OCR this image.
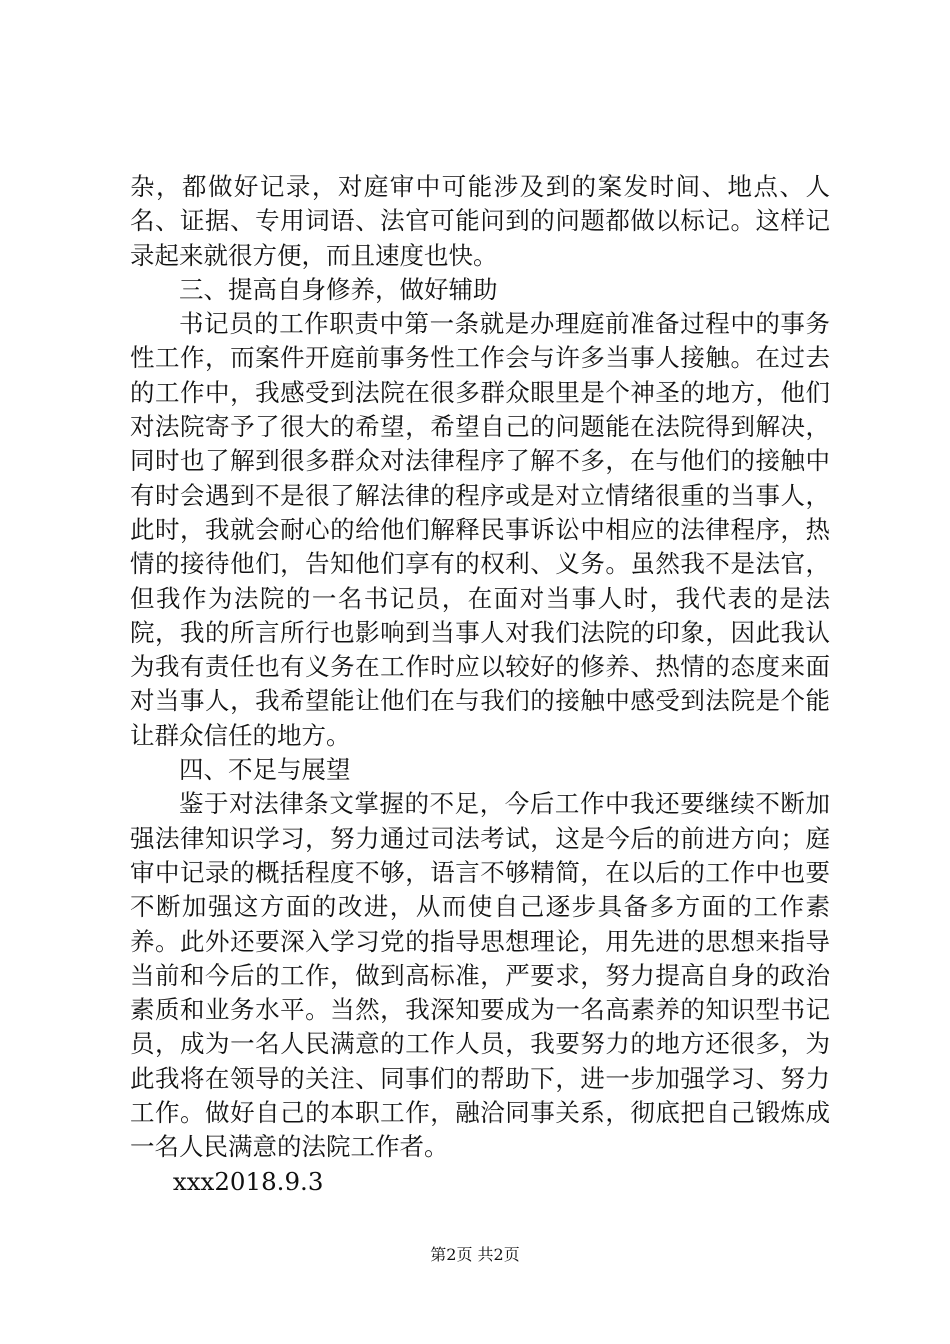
杂，都做好记录，对庭审中可能涉及到的案发时间、地点、人名、证据、专用词语、法官可能问到的问题都做以标记。这样记录起来就很方便，而且速度也快。

三、提高自身修养，做好辅助

书记员的工作职责中第一条就是办理庭前准备过程中的事务性工作，而案件开庭前事务性工作会与许多当事人接触。在过去的工作中，我感受到法院在很多群众眼里是个神圣的地方，他们对法院寄予了很大的希望，希望自己的问题能在法院得到解决，同时也了解到很多群众对法律程序了解不多，在与他们的接触中有时会遇到不是很了解法律的程序或是对立情绪很重的当事人，此时，我就会耐心的给他们解释民事诉讼中相应的法律程序，热情的接待他们，告知他们享有的权利、义务。虽然我不是法官，但我作为法院的一名书记员，在面对当事人时，我代表的是法院，我的所言所行也影响到当事人对我们法院的印象，因此我认为我有责任也有义务在工作时应以较好的修养、热情的态度来面对当事人，我希望能让他们在与我们的接触中感受到法院是个能让群众信任的地方。

四、不足与展望

鉴于对法律条文掌握的不足，今后工作中我还要继续不断加强法律知识学习，努力通过司法考试，这是今后的前进方向；庭审中记录的概括程度不够，语言不够精简，在以后的工作中也要不断加强这方面的改进，从而使自己逐步具备多方面的工作素养。此外还要深入学习党的指导思想理论，用先进的思想来指导当前和今后的工作，做到高标准，严要求，努力提高自身的政治素质和业务水平。当然，我深知要成为一名高素养的知识型书记员，成为一名人民满意的工作人员，我要努力的地方还很多，为此我将在领导的关注、同事们的帮助下，进一步加强学习、努力工作。做好自己的本职工作，融洽同事关系，彻底把自己锻炼成一名人民满意的法院工作者。

xxx2018.9.3

第2页 共2页
